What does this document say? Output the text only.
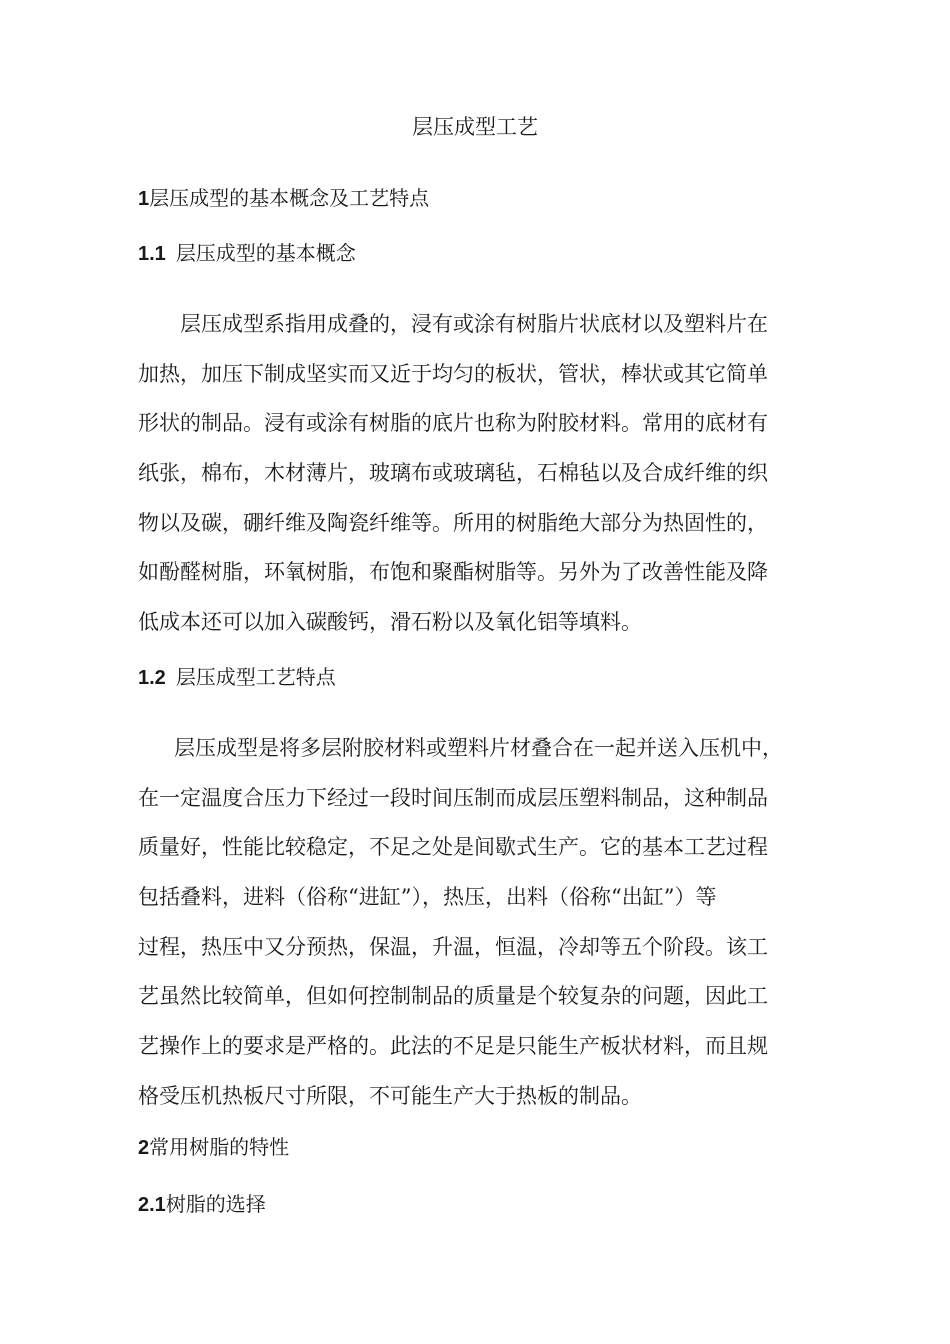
层压成型工艺
1层压成型的基本概念及工艺特点
1.1 层压成型的基本概念
层压成型系指用成叠的，浸有或涂有树脂片状底材以及塑料片在
加热，加压下制成坚实而又近于均匀的板状，管状，棒状或其它简单
形状的制品。浸有或涂有树脂的底片也称为附胶材料。常用的底材有
纸张，棉布，木材薄片，玻璃布或玻璃毡，石棉毡以及合成纤维的织
物以及碳，硼纤维及陶瓷纤维等。所用的树脂绝大部分为热固性的，
如酚醛树脂，环氧树脂，布饱和聚酯树脂等。另外为了改善性能及降
低成本还可以加入碳酸钙，滑石粉以及氧化铝等填料。
1.2 层压成型工艺特点
层压成型是将多层附胶材料或塑料片材叠合在一起并送入压机中，
在一定温度合压力下经过一段时间压制而成层压塑料制品，这种制品
质量好，性能比较稳定，不足之处是间歇式生产。它的基本工艺过程
包括叠料，进料（俗称“进缸”），热压，出料（俗称“出缸”）等
过程，热压中又分预热，保温，升温，恒温，冷却等五个阶段。该工
艺虽然比较简单，但如何控制制品的质量是个较复杂的问题，因此工
艺操作上的要求是严格的。此法的不足是只能生产板状材料，而且规
格受压机热板尺寸所限，不可能生产大于热板的制品。
2常用树脂的特性
2.1树脂的选择
